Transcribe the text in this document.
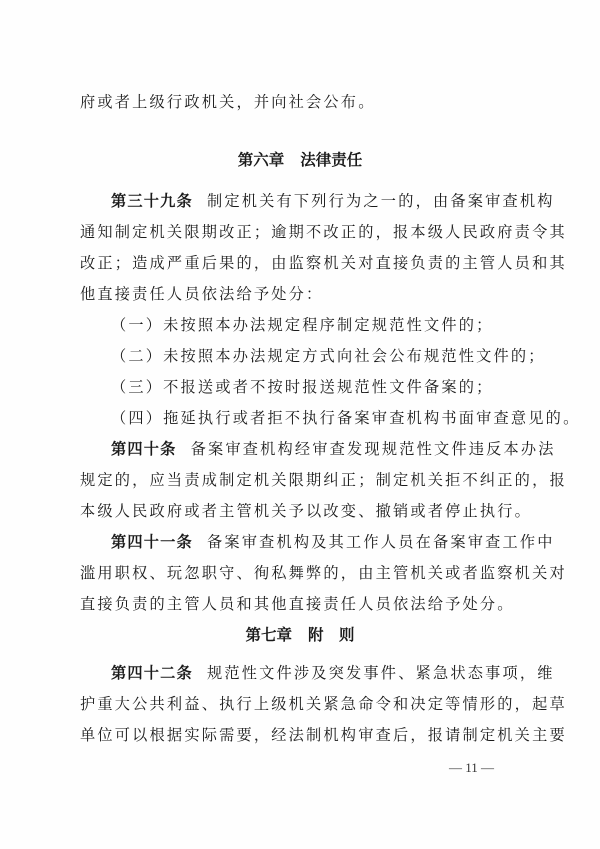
府或者上级行政机关，并向社会公布。
第六章 法律责任
第三十九条 制定机关有下列行为之一的，由备案审查机构
通知制定机关限期改正；逾期不改正的，报本级人民政府责令其
改正；造成严重后果的，由监察机关对直接负责的主管人员和其
他直接责任人员依法给予处分：
（一）未按照本办法规定程序制定规范性文件的；
（二）未按照本办法规定方式向社会公布规范性文件的；
（三）不报送或者不按时报送规范性文件备案的；
（四）拖延执行或者拒不执行备案审查机构书面审查意见的。
第四十条 备案审查机构经审查发现规范性文件违反本办法
规定的，应当责成制定机关限期纠正；制定机关拒不纠正的，报
本级人民政府或者主管机关予以改变、撤销或者停止执行。
第四十一条 备案审查机构及其工作人员在备案审查工作中
滥用职权、玩忽职守、徇私舞弊的，由主管机关或者监察机关对
直接负责的主管人员和其他直接责任人员依法给予处分。
第七章 附　则
第四十二条 规范性文件涉及突发事件、紧急状态事项，维
护重大公共利益、执行上级机关紧急命令和决定等情形的，起草
单位可以根据实际需要，经法制机构审查后，报请制定机关主要
— 11 —
